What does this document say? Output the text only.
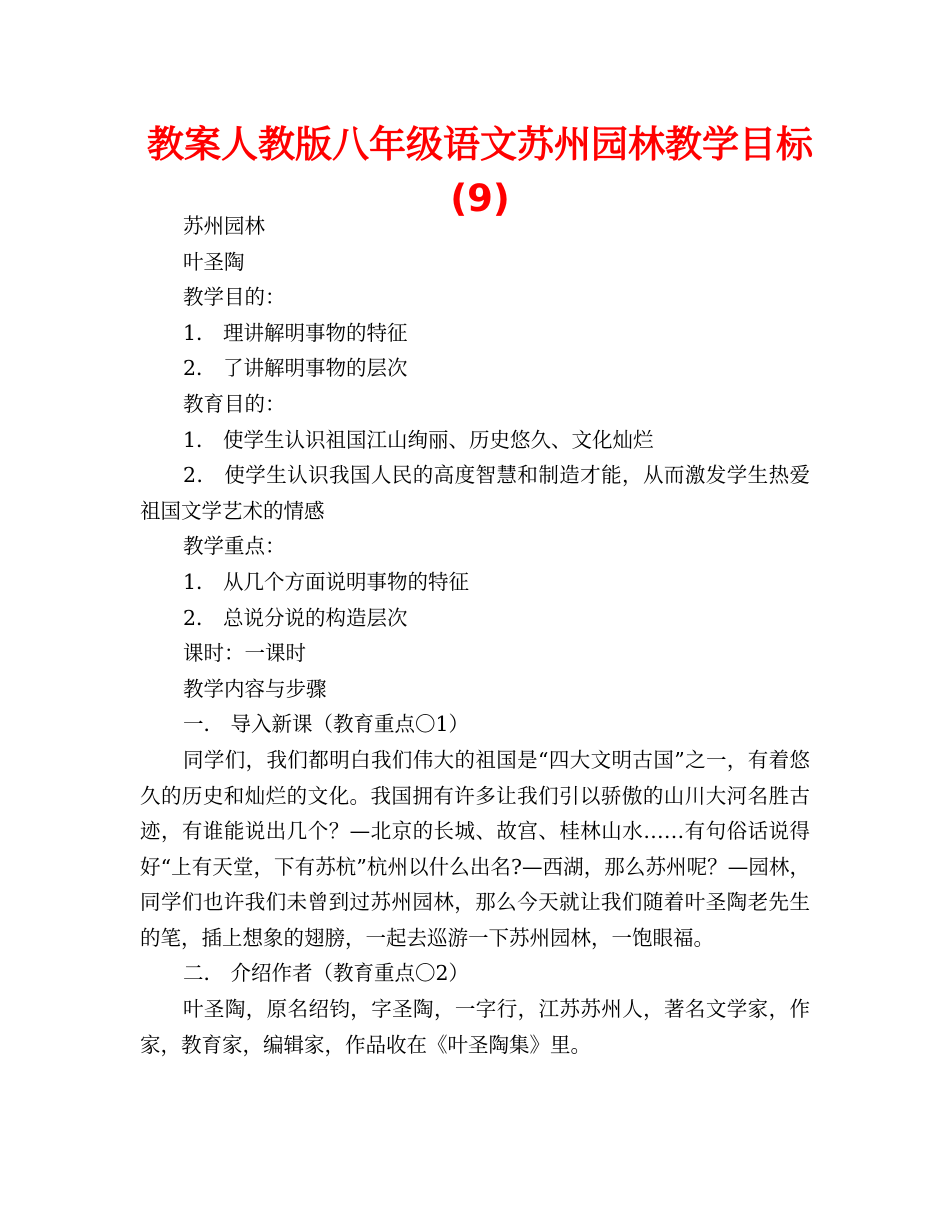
教案人教版八年级语文苏州园林教学目标(9)

苏州园林

叶圣陶

教学目的：

1． 理讲解明事物的特征

2． 了讲解明事物的层次

教育目的：

1． 使学生认识祖国江山绚丽、历史悠久、文化灿烂

2． 使学生认识我国人民的高度智慧和制造才能，从而激发学生热爱祖国文学艺术的情感

教学重点：

1． 从几个方面说明事物的特征

2． 总说分说的构造层次

课时：一课时

教学内容与步骤

一． 导入新课（教育重点〇1）

同学们，我们都明白我们伟大的祖国是“四大文明古国”之一，有着悠久的历史和灿烂的文化。我国拥有许多让我们引以骄傲的山川大河名胜古迹，有谁能说出几个？—北京的长城、故宫、桂林山水……有句俗话说得好“上有天堂，下有苏杭”杭州以什么出名?—西湖，那么苏州呢？—园林，同学们也许我们未曾到过苏州园林，那么今天就让我们随着叶圣陶老先生的笔，插上想象的翅膀，一起去巡游一下苏州园林，一饱眼福。

二． 介绍作者（教育重点〇2）

叶圣陶，原名绍钧，字圣陶，一字行，江苏苏州人，著名文学家，作家，教育家，编辑家，作品收在《叶圣陶集》里。
